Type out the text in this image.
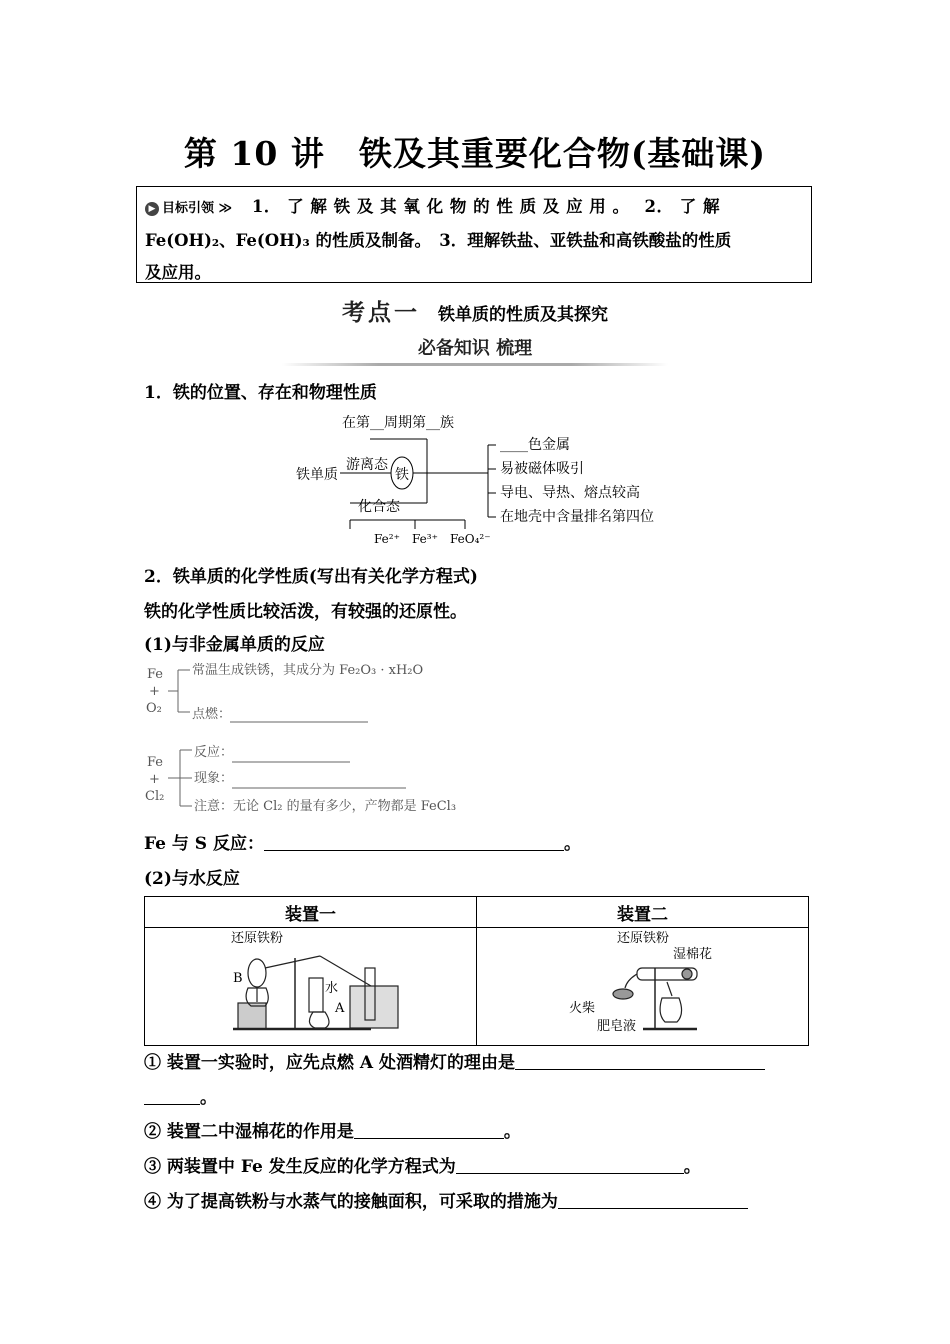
第 10 讲　铁及其重要化合物(基础课)
▶ 目标引领 ≫ 1． 了 解 铁 及 其 氧 化 物 的 性 质 及 应 用 。　 2． 了 解
Fe(OH)₂、Fe(OH)₃ 的性质及制备。　3．理解铁盐、亚铁盐和高铁酸盐的性质
及应用。
考点一 铁单质的性质及其探究
必备知识 梳理
1．铁的位置、存在和物理性质
在第__周期第__族
铁单质
游离态
铁
化合态
____色金属
易被磁体吸引
导电、导热、熔点较高
在地壳中含量排名第四位
Fe²⁺ Fe³⁺ FeO₄²⁻
2．铁单质的化学性质(写出有关化学方程式)
铁的化学性质比较活泼，有较强的还原性。
(1)与非金属单质的反应
Fe
+
O₂
常温生成铁锈，其成分为 Fe₂O₃ · xH₂O
点燃：
Fe
+
Cl₂
反应：
现象：
注意：无论 Cl₂ 的量有多少，产物都是 FeCl₃
Fe 与 S 反应：	。
(2)与水反应
装置一	装置二

还原铁粉
B
水
A	还原铁粉
湿棉花
火柴
肥皂液
① 装置一实验时，应先点燃 A 处酒精灯的理由是
。
② 装置二中湿棉花的作用是	。
③ 两装置中 Fe 发生反应的化学方程式为	。
④ 为了提高铁粉与水蒸气的接触面积，可采取的措施为
